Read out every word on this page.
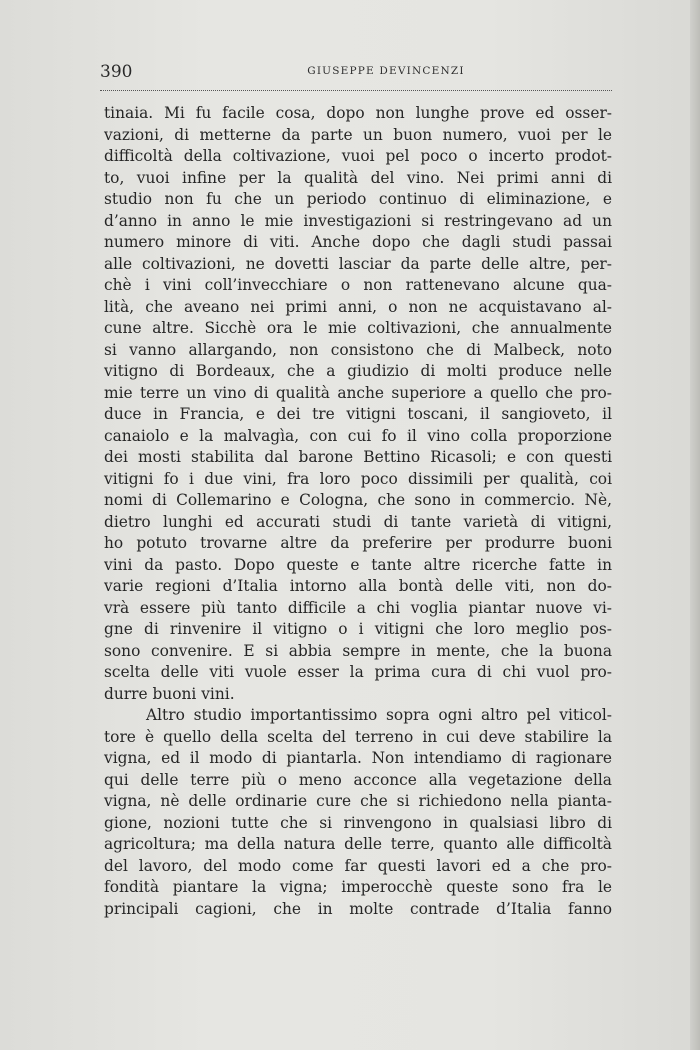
390	GIUSEPPE DEVINCENZI
tinaia. Mi fu facile cosa, dopo non lunghe prove ed osser-
vazioni, di metterne da parte un buon numero, vuoi per le
difficoltà della coltivazione, vuoi pel poco o incerto prodot-
to, vuoi infine per la qualità del vino. Nei primi anni di
studio non fu che un periodo continuo di eliminazione, e
d’anno in anno le mie investigazioni si restringevano ad un
numero minore di viti. Anche dopo che dagli studi passai
alle coltivazioni, ne dovetti lasciar da parte delle altre, per-
chè i vini coll’invecchiare o non rattenevano alcune qua-
lità, che aveano nei primi anni, o non ne acquistavano al-
cune altre. Sicchè ora le mie coltivazioni, che annualmente
si vanno allargando, non consistono che di Malbeck, noto
vitigno di Bordeaux, che a giudizio di molti produce nelle
mie terre un vino di qualità anche superiore a quello che pro-
duce in Francia, e dei tre vitigni toscani, il sangioveto, il
canaiolo e la malvagìa, con cui fo il vino colla proporzione
dei mosti stabilita dal barone Bettino Ricasoli; e con questi
vitigni fo i due vini, fra loro poco dissimili per qualità, coi
nomi di Collemarino e Cologna, che sono in commercio. Nè,
dietro lunghi ed accurati studi di tante varietà di vitigni,
ho potuto trovarne altre da preferire per produrre buoni
vini da pasto. Dopo queste e tante altre ricerche fatte in
varie regioni d’Italia intorno alla bontà delle viti, non do-
vrà essere più tanto difficile a chi voglia piantar nuove vi-
gne di rinvenire il vitigno o i vitigni che loro meglio pos-
sono convenire. E si abbia sempre in mente, che la buona
scelta delle viti vuole esser la prima cura di chi vuol pro-
durre buoni vini.
Altro studio importantissimo sopra ogni altro pel viticol-
tore è quello della scelta del terreno in cui deve stabilire la
vigna, ed il modo di piantarla. Non intendiamo di ragionare
qui delle terre più o meno acconce alla vegetazione della
vigna, nè delle ordinarie cure che si richiedono nella pianta-
gione, nozioni tutte che si rinvengono in qualsiasi libro di
agricoltura; ma della natura delle terre, quanto alle difficoltà
del lavoro, del modo come far questi lavori ed a che pro-
fondità piantare la vigna; imperocchè queste sono fra le
principali cagioni, che in molte contrade d’Italia fanno
